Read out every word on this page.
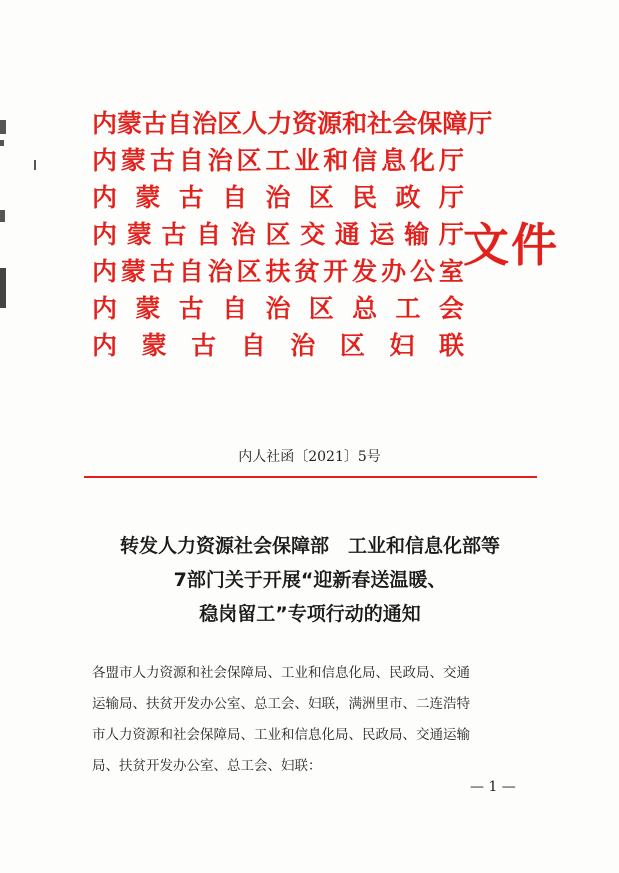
内 蒙 古 自 治 区 人 力 资 源 和 社 会 保 障 厅
内 蒙 古 自 治 区 工 业 和 信 息 化 厅
内 蒙 古 自 治 区 民 政 厅
内 蒙 古 自 治 区 交 通 运 输 厅
内 蒙 古 自 治 区 扶 贫 开 发 办 公 室
内 蒙 古 自 治 区 总 工 会
内 蒙 古 自 治 区 妇 联
文件
内人社函〔2021〕5号
转发人力资源社会保障部　工业和信息化部等
7部门关于开展“迎新春送温暖、
稳岗留工”专项行动的通知
各盟市人力资源和社会保障局、工业和信息化局、民政局、交通
运输局、扶贫开发办公室、总工会、妇联，满洲里市、二连浩特
市人力资源和社会保障局、工业和信息化局、民政局、交通运输
局、扶贫开发办公室、总工会、妇联：
— 1 —
